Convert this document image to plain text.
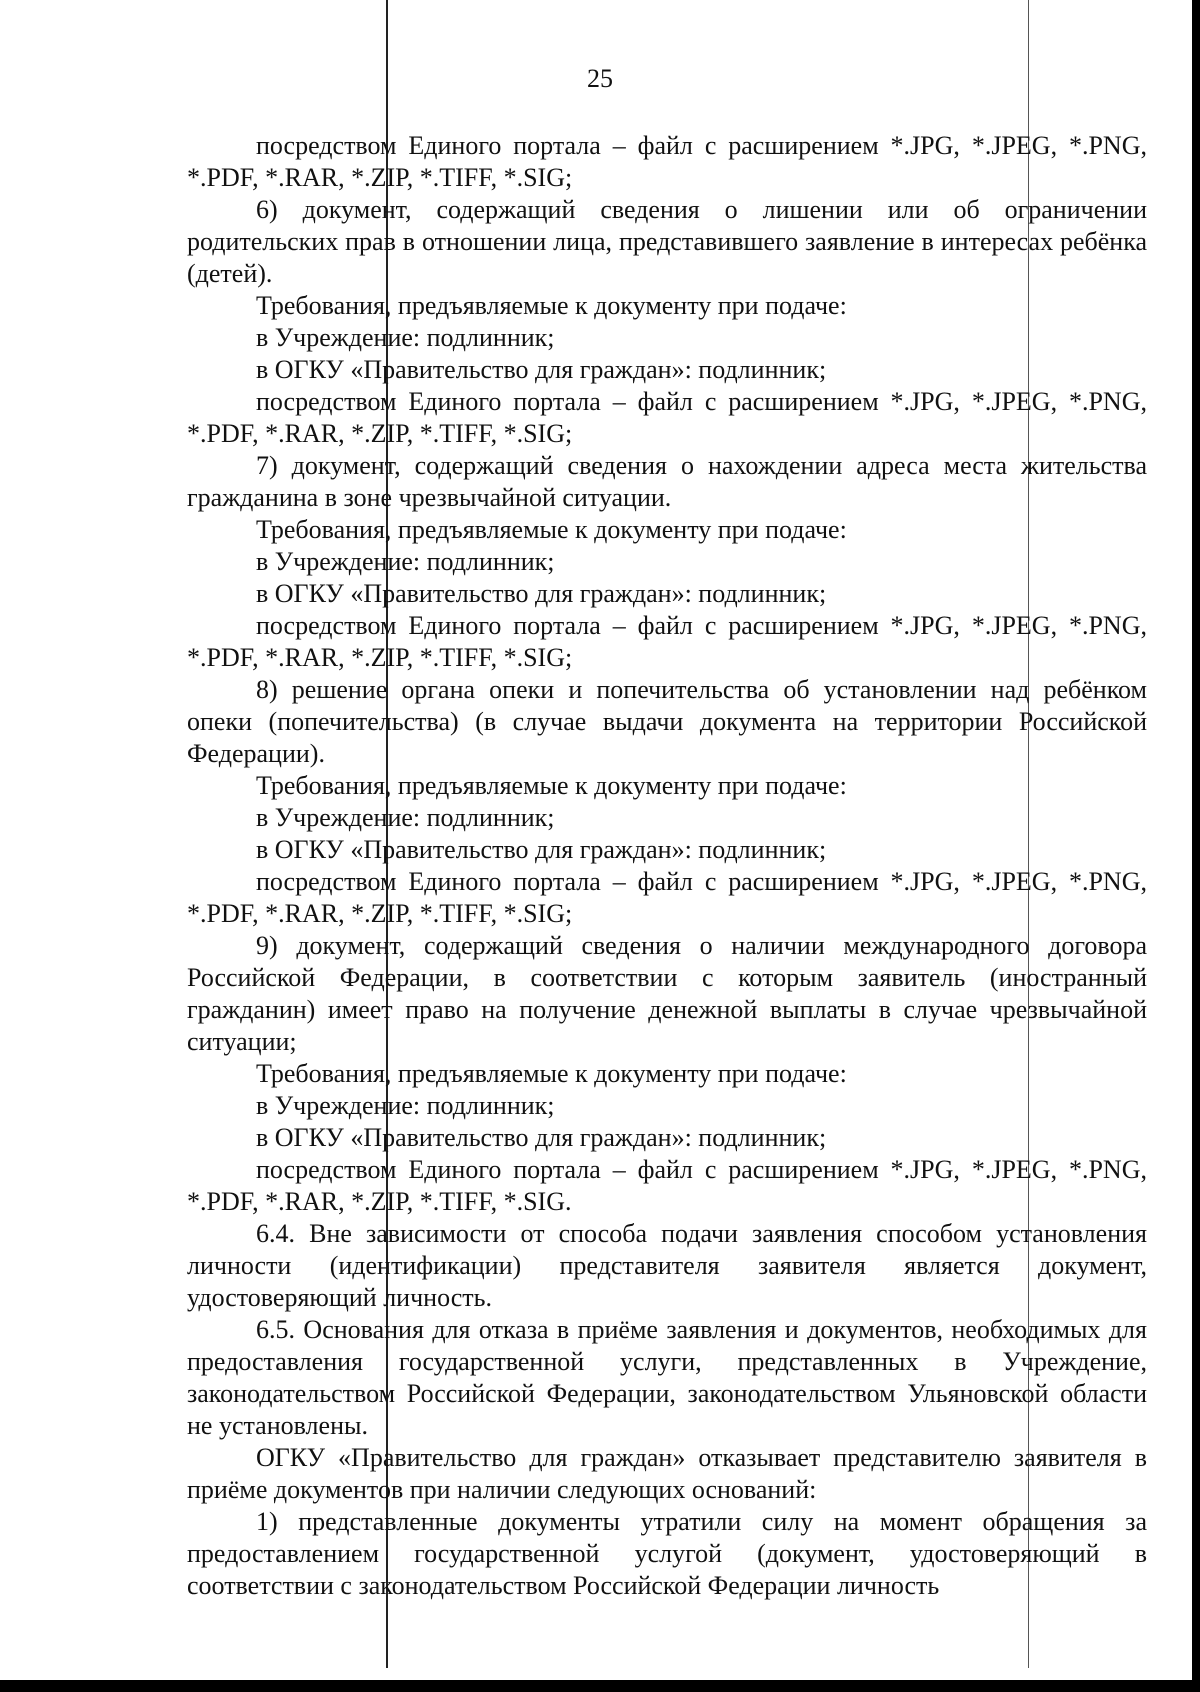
25

посредством Единого портала – файл с расширением *.JPG, *.JPEG, *.PNG, *.PDF, *.RAR, *.ZIP, *.TIFF, *.SIG;

6) документ, содержащий сведения о лишении или об ограничении родительских прав в отношении лица, представившего заявление в интересах ребёнка (детей).

Требования, предъявляемые к документу при подаче:

в Учреждение: подлинник;

в ОГКУ «Правительство для граждан»: подлинник;

посредством Единого портала – файл с расширением *.JPG, *.JPEG, *.PNG, *.PDF, *.RAR, *.ZIP, *.TIFF, *.SIG;

7) документ, содержащий сведения о нахождении адреса места жительства гражданина в зоне чрезвычайной ситуации.

Требования, предъявляемые к документу при подаче:

в Учреждение: подлинник;

в ОГКУ «Правительство для граждан»: подлинник;

посредством Единого портала – файл с расширением *.JPG, *.JPEG, *.PNG, *.PDF, *.RAR, *.ZIP, *.TIFF, *.SIG;

8) решение органа опеки и попечительства об установлении над ребёнком опеки (попечительства) (в случае выдачи документа на территории Российской Федерации).

Требования, предъявляемые к документу при подаче:

в Учреждение: подлинник;

в ОГКУ «Правительство для граждан»: подлинник;

посредством Единого портала – файл с расширением *.JPG, *.JPEG, *.PNG, *.PDF, *.RAR, *.ZIP, *.TIFF, *.SIG;

9) документ, содержащий сведения о наличии международного договора Российской Федерации, в соответствии с которым заявитель (иностранный гражданин) имеет право на получение денежной выплаты в случае чрезвычайной ситуации;

Требования, предъявляемые к документу при подаче:

в Учреждение: подлинник;

в ОГКУ «Правительство для граждан»: подлинник;

посредством Единого портала – файл с расширением *.JPG, *.JPEG, *.PNG, *.PDF, *.RAR, *.ZIP, *.TIFF, *.SIG.

6.4. Вне зависимости от способа подачи заявления способом установления личности (идентификации) представителя заявителя является документ, удостоверяющий личность.

6.5. Основания для отказа в приёме заявления и документов, необходимых для предоставления государственной услуги, представленных в Учреждение, законодательством Российской Федерации, законодательством Ульяновской области не установлены.

ОГКУ «Правительство для граждан» отказывает представителю заявителя в приёме документов при наличии следующих оснований:

1) представленные документы утратили силу на момент обращения за предоставлением государственной услугой (документ, удостоверяющий в соответствии с законодательством Российской Федерации личность
